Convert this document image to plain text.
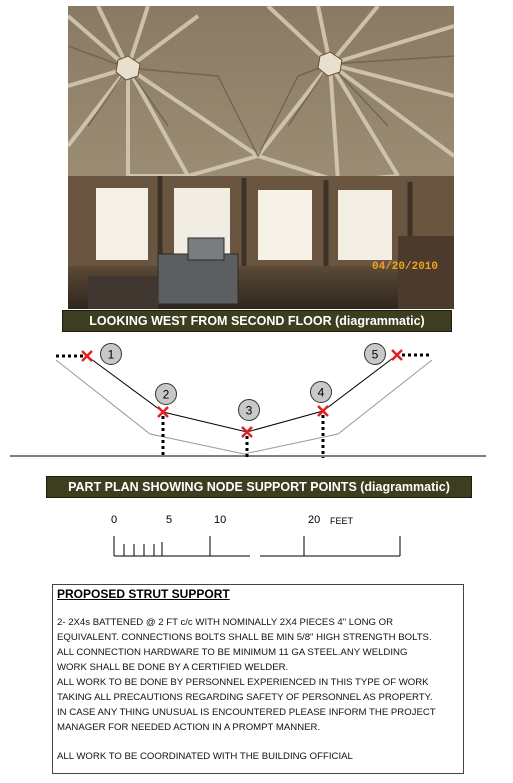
04/20/2010
LOOKING WEST FROM SECOND FLOOR (diagrammatic)
1
2
3
4
5
PART PLAN SHOWING NODE SUPPORT POINTS (diagrammatic)
0	5	10	20 FEET
PROPOSED STRUT SUPPORT
2- 2X4s BATTENED @ 2 FT c/c WITH NOMINALLY 2X4 PIECES 4" LONG OR
EQUIVALENT. CONNECTIONS BOLTS SHALL BE MIN 5/8" HIGH STRENGTH BOLTS.
ALL CONNECTION HARDWARE TO BE MINIMUM 11 GA STEEL.ANY WELDING
WORK SHALL BE DONE BY A CERTIFIED WELDER.
ALL WORK TO BE DONE BY PERSONNEL EXPERIENCED IN THIS TYPE OF WORK
TAKING ALL PRECAUTIONS REGARDING SAFETY OF PERSONNEL AS PROPERTY.
IN CASE ANY THING UNUSUAL IS ENCOUNTERED PLEASE INFORM THE PROJECT
MANAGER FOR NEEDED ACTION IN A PROMPT MANNER.
ALL WORK TO BE COORDINATED WITH THE BUILDING OFFICIAL
